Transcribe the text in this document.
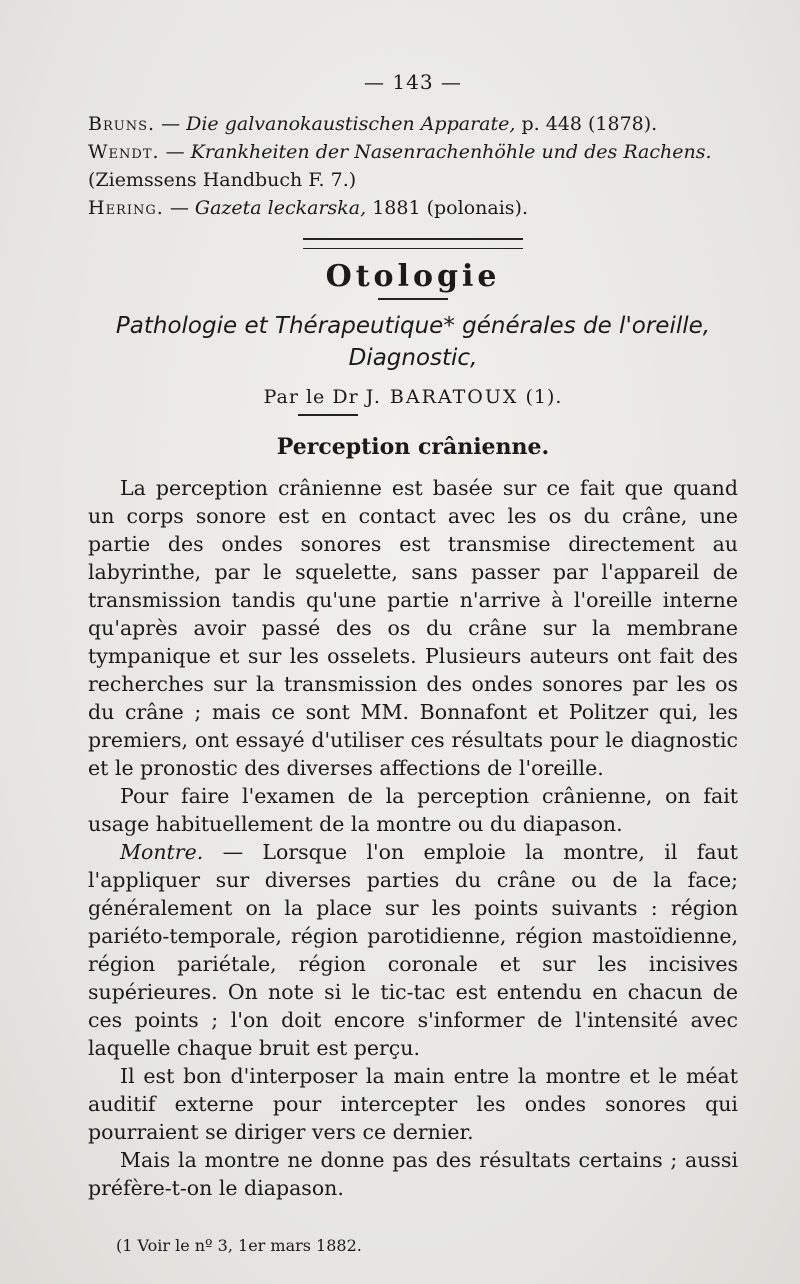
— 143 —
Bruns. — Die galvanokaustischen Apparate, p. 448 (1878).
Wendt. — Krankheiten der Nasenrachenhöhle und des Rachens. (Ziemssens Handbuch F. 7.)
Hering. — Gazeta leckarska, 1881 (polonais).
Otologie
Pathologie et Thérapeutique* générales de l'oreille,
Diagnostic,
Par le Dr J. BARATOUX (1).
Perception crânienne.

La perception crânienne est basée sur ce fait que quand un corps sonore est en contact avec les os du crâne, une partie des ondes sonores est transmise directement au labyrinthe, par le squelette, sans passer par l'appareil de transmission tandis qu'une partie n'arrive à l'oreille interne qu'après avoir passé des os du crâne sur la membrane tympanique et sur les osselets. Plusieurs auteurs ont fait des recherches sur la transmission des ondes sonores par les os du crâne ; mais ce sont MM. Bonnafont et Politzer qui, les premiers, ont essayé d'utiliser ces résultats pour le diagnostic et le pronostic des diverses affections de l'oreille.

Pour faire l'examen de la perception crânienne, on fait usage habituellement de la montre ou du diapason.

Montre. — Lorsque l'on emploie la montre, il faut l'appliquer sur diverses parties du crâne ou de la face; généralement on la place sur les points suivants : région pariéto-temporale, région parotidienne, région mastoïdienne, région pariétale, région coronale et sur les incisives supérieures. On note si le tic-tac est entendu en chacun de ces points ; l'on doit encore s'informer de l'intensité avec laquelle chaque bruit est perçu.

Il est bon d'interposer la main entre la montre et le méat auditif externe pour intercepter les ondes sonores qui pourraient se diriger vers ce dernier.

Mais la montre ne donne pas des résultats certains ; aussi préfère-t-on le diapason.

(1 Voir le nº 3, 1er mars 1882.
